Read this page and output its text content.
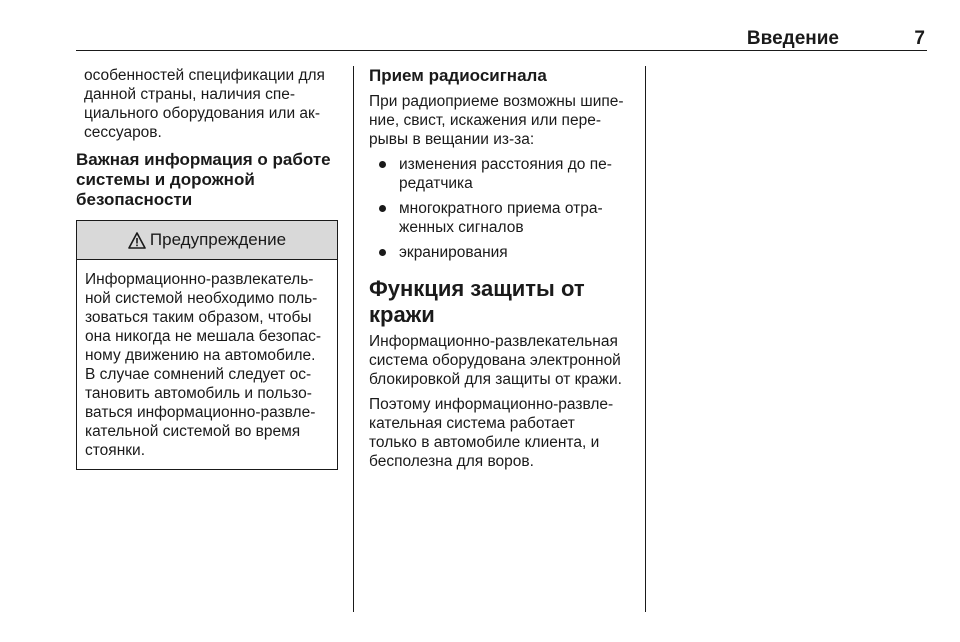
Введение	7

особенностей спецификации для
данной страны, наличия спе-
циального оборудования или ак-
сессуаров.

Важная информация о работе
системы и дорожной
безопасности
Предупреждение

Информационно-развлекатель-
ной системой необходимо поль-
зоваться таким образом, чтобы
она никогда не мешала безопас-
ному движению на автомобиле.
В случае сомнений следует ос-
тановить автомобиль и пользо-
ваться информационно-развле-
кательной системой во время
стоянки.

Прием радиосигнала

При радиоприеме возможны шипе-
ние, свист, искажения или пере-
рывы в вещании из-за:

изменения расстояния до пе-
редатчика
многократного приема отра-
женных сигналов
экранирования
Функция защиты от кражи

Информационно-развлекательная
система оборудована электронной
блокировкой для защиты от кражи.

Поэтому информационно-развле-
кательная система работает
только в автомобиле клиента, и
бесполезна для воров.
